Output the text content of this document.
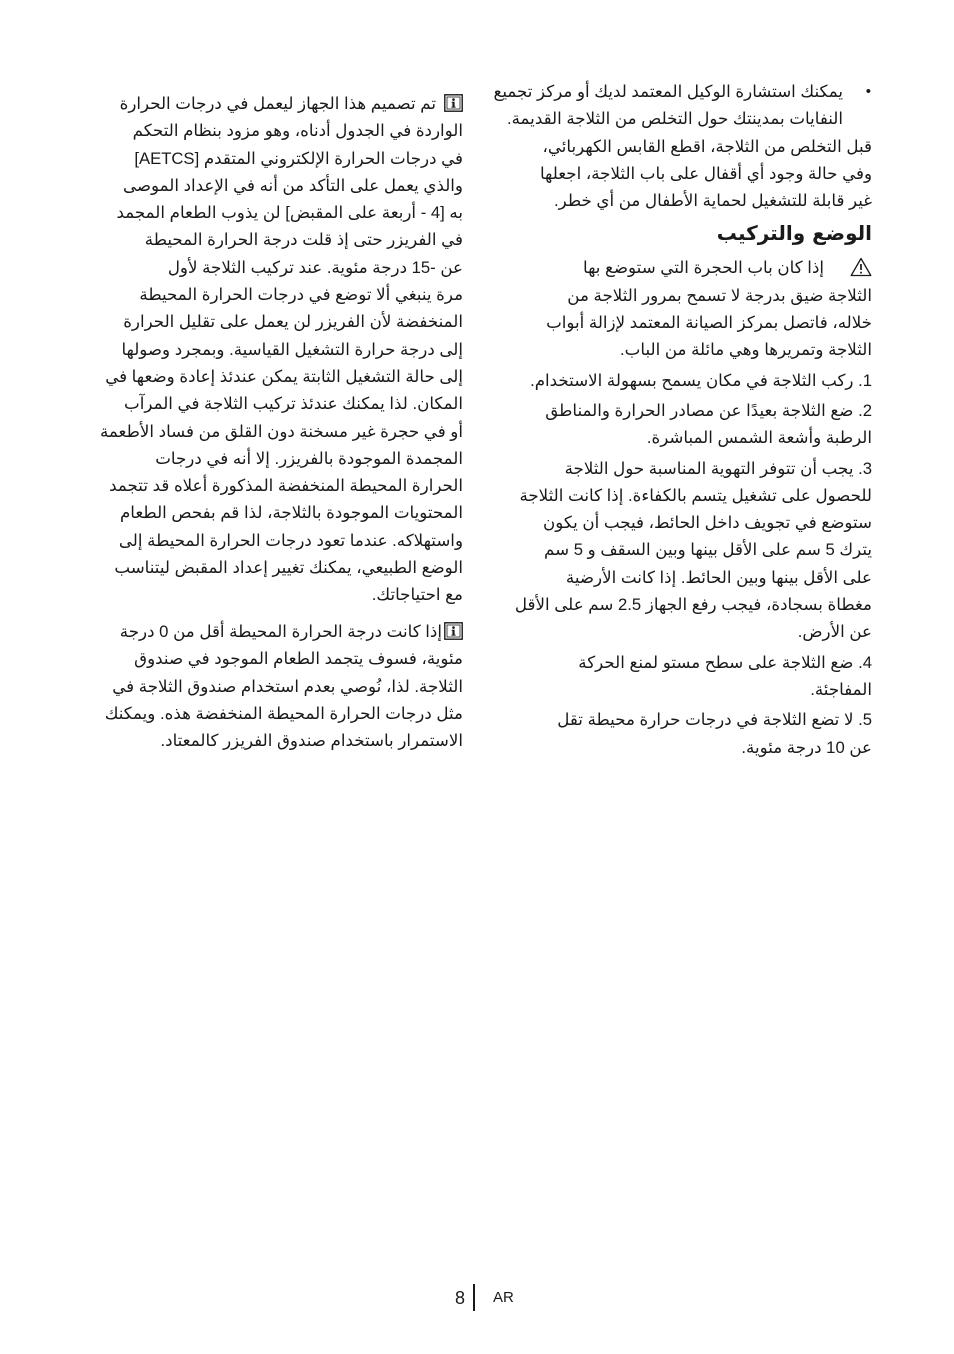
•
يمكنك استشارة الوكيل المعتمد لديك أو مركز تجميع
النفايات بمدينتك حول التخلص من الثلاجة القديمة.
قبل التخلص من الثلاجة، اقطع القابس الكهربائي،
وفي حالة وجود أي أقفال على باب الثلاجة، اجعلها
غير قابلة للتشغيل لحماية الأطفال من أي خطر.
الوضع والتركيب
إذا كان باب الحجرة التي ستوضع بها
الثلاجة ضيق بدرجة لا تسمح بمرور الثلاجة من
خلاله، فاتصل بمركز الصيانة المعتمد لإزالة أبواب
الثلاجة وتمريرها وهي مائلة من الباب.
1. ركب الثلاجة في مكان يسمح بسهولة الاستخدام.
2. ضع الثلاجة بعيدًا عن مصادر الحرارة والمناطق
الرطبة وأشعة الشمس المباشرة.
3. يجب أن تتوفر التهوية المناسبة حول الثلاجة
للحصول على تشغيل يتسم بالكفاءة. إذا كانت الثلاجة
ستوضع في تجويف داخل الحائط، فيجب أن يكون
يترك 5 سم على الأقل بينها وبين السقف و 5 سم
على الأقل بينها وبين الحائط. إذا كانت الأرضية
مغطاة بسجادة، فيجب رفع الجهاز 2.5 سم على الأقل
عن الأرض.
4. ضع الثلاجة على سطح مستو لمنع الحركة
المفاجئة.
5. لا تضع الثلاجة في درجات حرارة محيطة تقل
عن 10 درجة مئوية.
تم تصميم هذا الجهاز ليعمل في درجات الحرارة
الواردة في الجدول أدناه، وهو مزود بنظام التحكم
في درجات الحرارة الإلكتروني المتقدم [AETCS]
والذي يعمل على التأكد من أنه في الإعداد الموصى
به [4 - أربعة على المقبض] لن يذوب الطعام المجمد
في الفريزر حتى إذ قلت درجة الحرارة المحيطة
عن -15 درجة مئوية. عند تركيب الثلاجة لأول
مرة ينبغي ألا توضع في درجات الحرارة المحيطة
المنخفضة لأن الفريزر لن يعمل على تقليل الحرارة
إلى درجة حرارة التشغيل القياسية. وبمجرد وصولها
إلى حالة التشغيل الثابتة يمكن عندئذ إعادة وضعها في
المكان. لذا يمكنك عندئذ تركيب الثلاجة في المرآب
أو في حجرة غير مسخنة دون القلق من فساد الأطعمة
المجمدة الموجودة بالفريزر. إلا أنه في درجات
الحرارة المحيطة المنخفضة المذكورة أعلاه قد تتجمد
المحتويات الموجودة بالثلاجة، لذا قم بفحص الطعام
واستهلاكه. عندما تعود درجات الحرارة المحيطة إلى
الوضع الطبيعي، يمكنك تغيير إعداد المقبض ليتناسب
مع احتياجاتك.
إذا كانت درجة الحرارة المحيطة أقل من 0 درجة
مئوية، فسوف يتجمد الطعام الموجود في صندوق
الثلاجة. لذا، نُوصي بعدم استخدام صندوق الثلاجة في
مثل درجات الحرارة المحيطة المنخفضة هذه. ويمكنك
الاستمرار باستخدام صندوق الفريزر كالمعتاد.
8 AR
